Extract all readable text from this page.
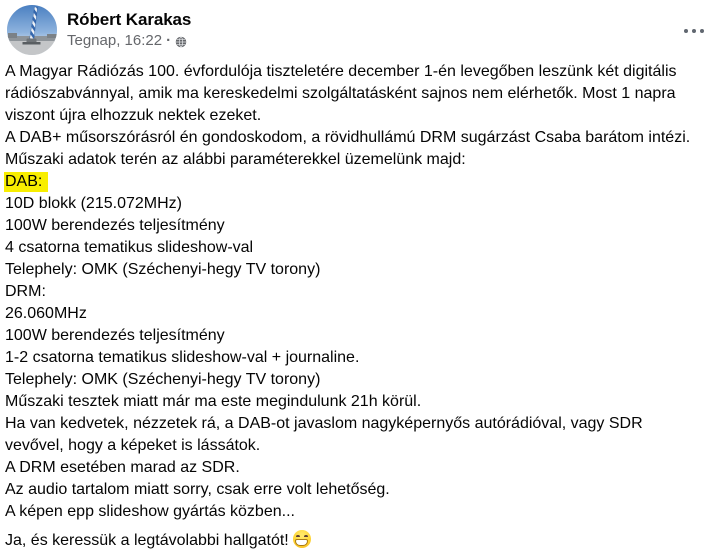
Róbert Karakas
Tegnap, 16:22 ·
A Magyar Rádiózás 100. évfordulója tiszteletére december 1-én levegőben leszünk két digitális rádiószabvánnyal, amik ma kereskedelmi szolgáltatásként sajnos nem elérhetők. Most 1 napra viszont újra elhozzuk nektek ezeket.
A DAB+ műsorszórásról én gondoskodom, a rövidhullámú DRM sugárzást Csaba barátom intézi.
Műszaki adatok terén az alábbi paraméterekkel üzemelünk majd:
DAB:
10D blokk (215.072MHz)
100W berendezés teljesítmény
4 csatorna tematikus slideshow-val
Telephely: OMK (Széchenyi-hegy TV torony)
DRM:
26.060MHz
100W berendezés teljesítmény
1-2 csatorna tematikus slideshow-val + journaline.
Telephely: OMK (Széchenyi-hegy TV torony)
Műszaki tesztek miatt már ma este megindulunk 21h körül.
Ha van kedvetek, nézzetek rá, a DAB-ot javaslom nagyképernyős autórádióval, vagy SDR vevővel, hogy a képeket is lássátok.
A DRM esetében marad az SDR.
Az audio tartalom miatt sorry, csak erre volt lehetőség.
A képen epp slideshow gyártás közben...
Ja, és keressük a legtávolabbi hallgatót!
